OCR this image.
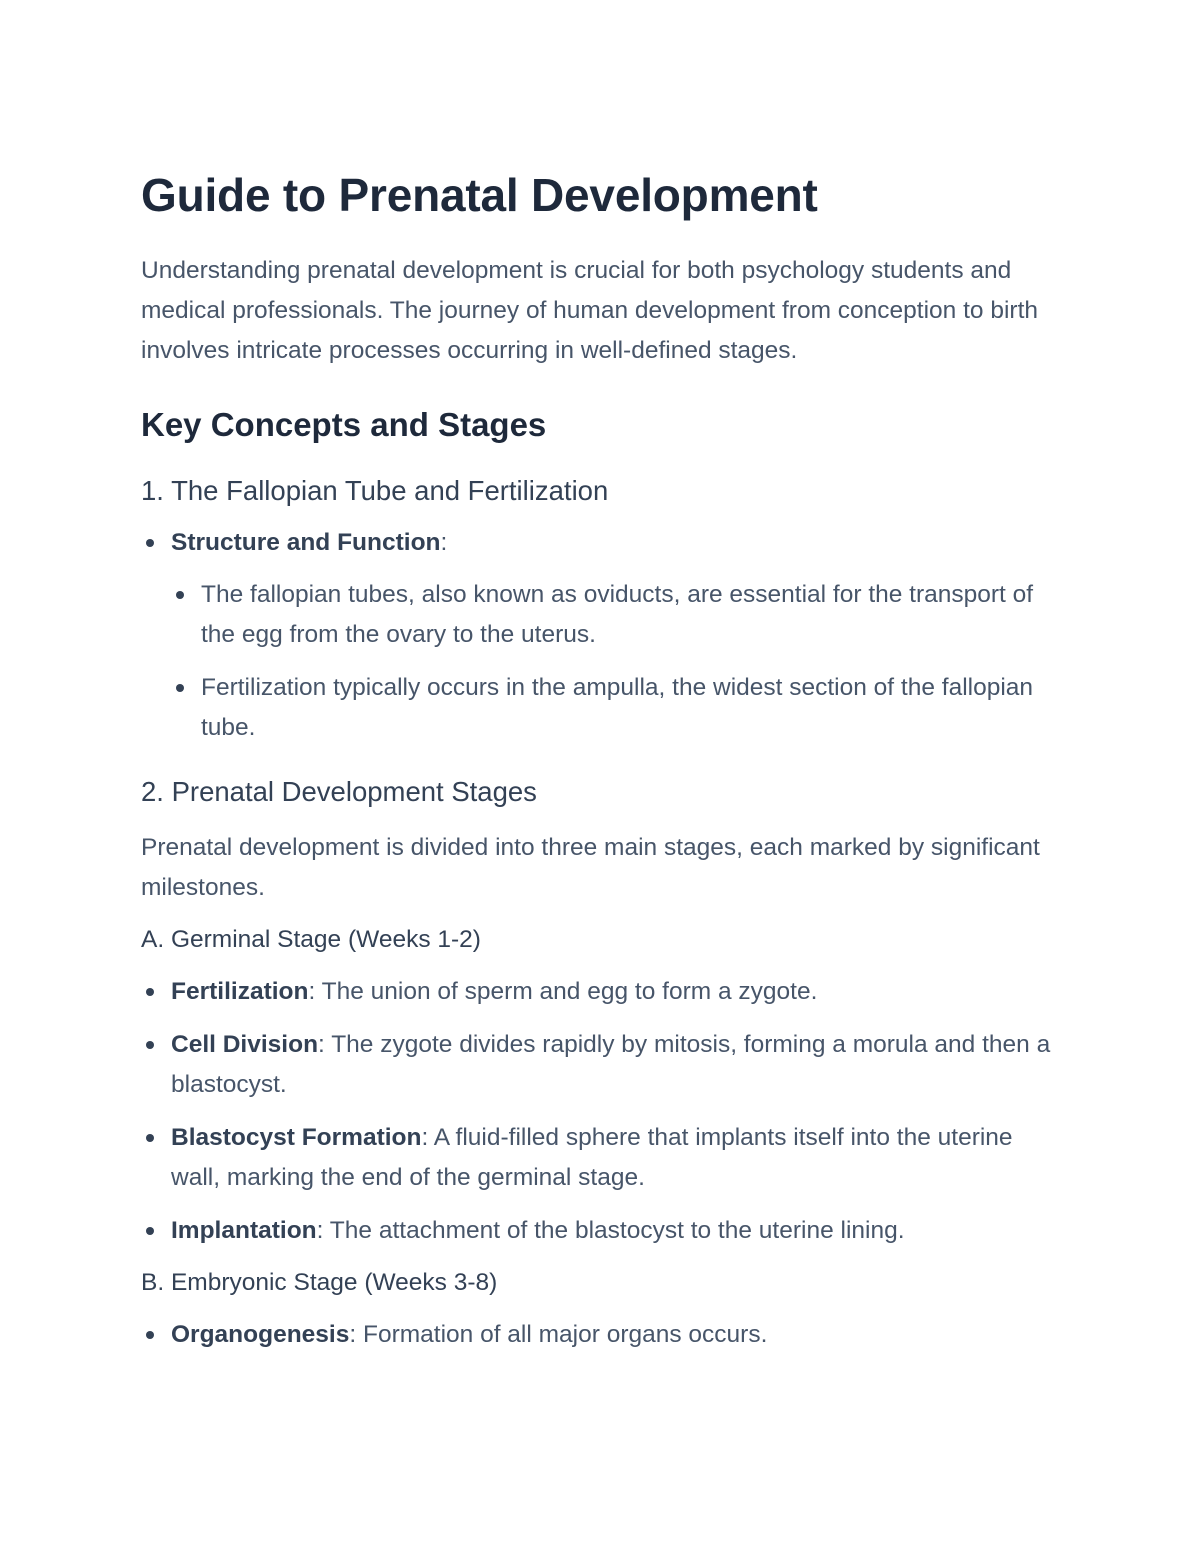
Guide to Prenatal Development

Understanding prenatal development is crucial for both psychology students and medical professionals. The journey of human development from conception to birth involves intricate processes occurring in well-defined stages.

Key Concepts and Stages
1. The Fallopian Tube and Fertilization
Structure and Function:
The fallopian tubes, also known as oviducts, are essential for the transport of the egg from the ovary to the uterus.
Fertilization typically occurs in the ampulla, the widest section of the fallopian tube.
2. Prenatal Development Stages

Prenatal development is divided into three main stages, each marked by significant milestones.

A. Germinal Stage (Weeks 1-2)
Fertilization: The union of sperm and egg to form a zygote.
Cell Division: The zygote divides rapidly by mitosis, forming a morula and then a blastocyst.
Blastocyst Formation: A fluid-filled sphere that implants itself into the uterine wall, marking the end of the germinal stage.
Implantation: The attachment of the blastocyst to the uterine lining.
B. Embryonic Stage (Weeks 3-8)
Organogenesis: Formation of all major organs occurs.
